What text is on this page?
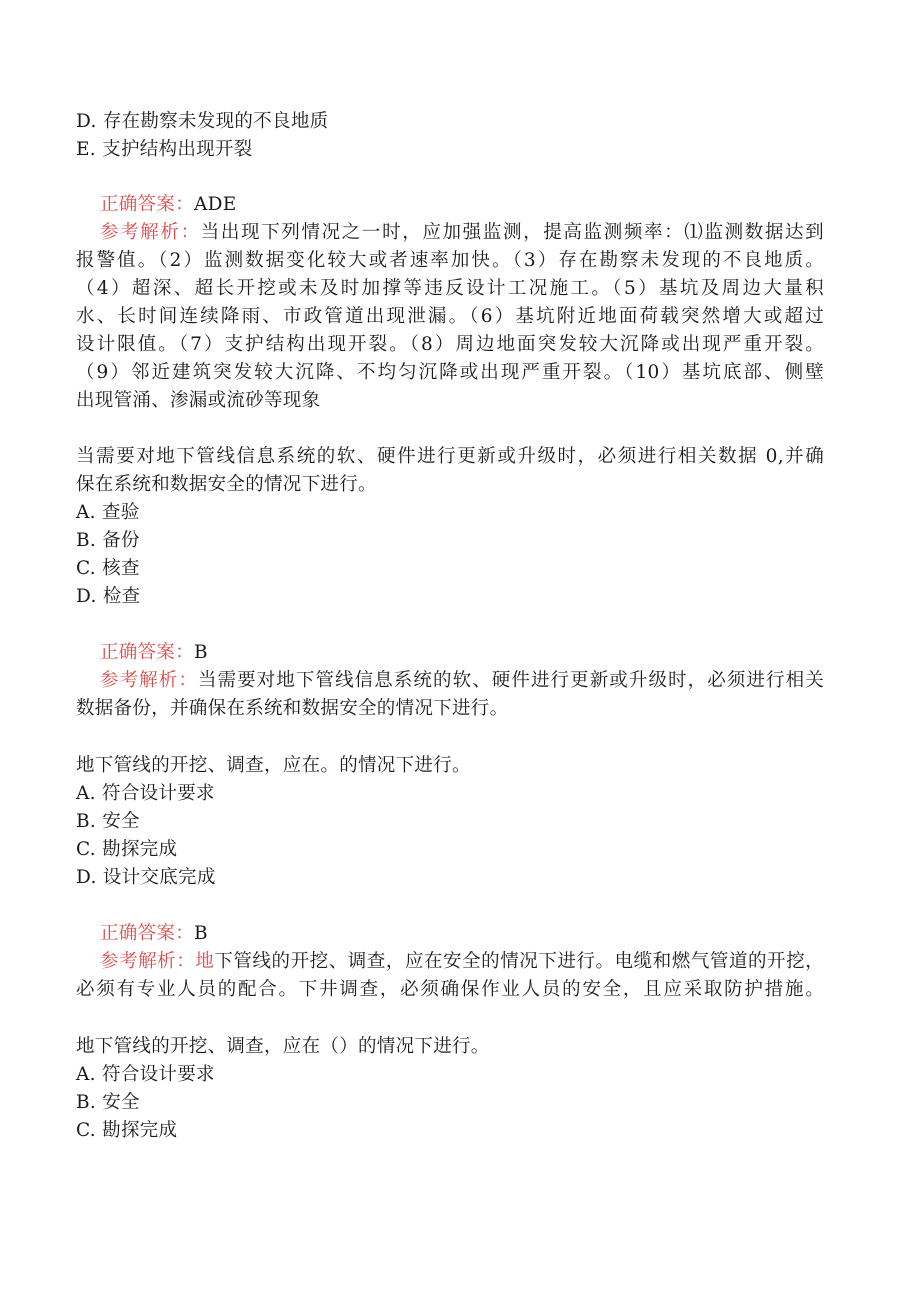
D. 存在勘察未发现的不良地质
E. 支护结构出现开裂
正确答案：ADE
参考解析：当出现下列情况之一时，应加强监测，提高监测频率：⑴监测数据达到
报警值。（2）监测数据变化较大或者速率加快。（3）存在勘察未发现的不良地质。
（4）超深、超长开挖或未及时加撑等违反设计工况施工。（5）基坑及周边大量积
水、长时间连续降雨、市政管道出现泄漏。（6）基坑附近地面荷载突然增大或超过
设计限值。（7）支护结构出现开裂。（8）周边地面突发较大沉降或出现严重开裂。
（9）邻近建筑突发较大沉降、不均匀沉降或出现严重开裂。（10）基坑底部、侧壁
出现管涌、渗漏或流砂等现象
当需要对地下管线信息系统的软、硬件进行更新或升级时，必须进行相关数据 0,并确
保在系统和数据安全的情况下进行。
A. 查验
B. 备份
C. 核查
D. 检查
正确答案：B
参考解析：当需要对地下管线信息系统的软、硬件进行更新或升级时，必须进行相关
数据备份，并确保在系统和数据安全的情况下进行。
地下管线的开挖、调查，应在。的情况下进行。
A. 符合设计要求
B. 安全
C. 勘探完成
D. 设计交底完成
正确答案：B
参考解析：地下管线的开挖、调查，应在安全的情况下进行。电缆和燃气管道的开挖，
必须有专业人员的配合。下井调查，必须确保作业人员的安全，且应采取防护措施。
地下管线的开挖、调查，应在（）的情况下进行。
A. 符合设计要求
B. 安全
C. 勘探完成
